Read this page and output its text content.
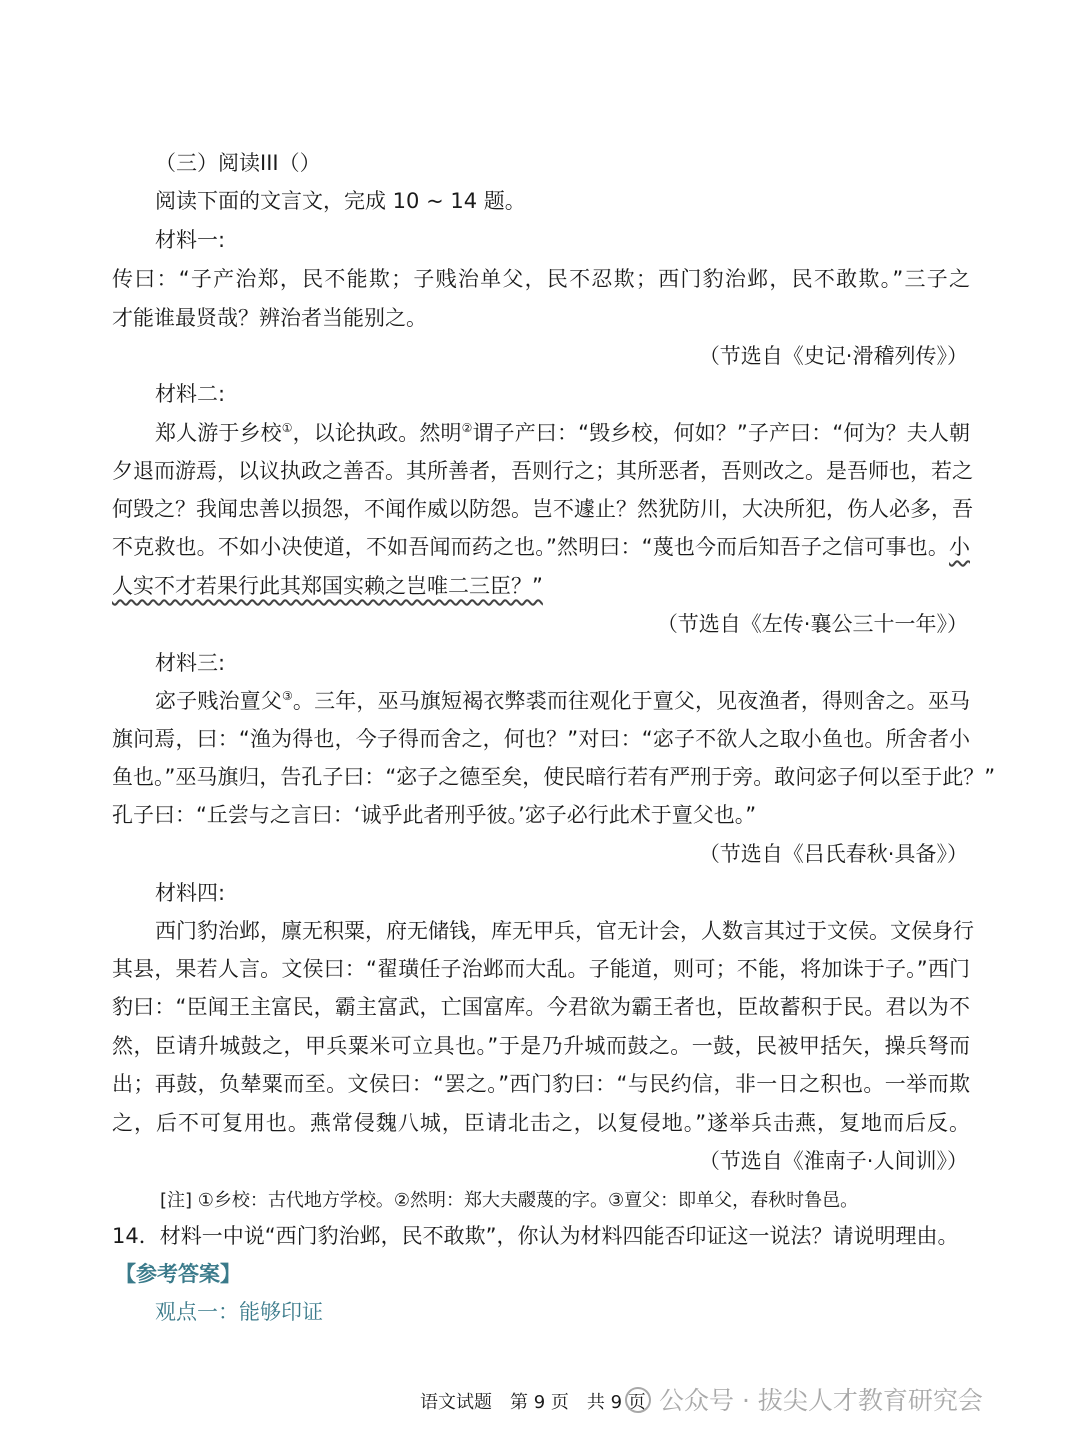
（三）阅读III（）
阅读下面的文言文，完成 10 ~ 14 题。
材料一:
传曰：“子产治郑，民不能欺；子贱治单父，民不忍欺；西门豹治邺，民不敢欺。”三子之
才能谁最贤哉？辨治者当能别之。
（节选自《史记·滑稽列传》）
材料二:
郑人游于乡校①，以论执政。然明②谓子产曰：“毁乡校，何如？”子产曰：“何为？夫人朝
夕退而游焉，以议执政之善否。其所善者，吾则行之；其所恶者，吾则改之。是吾师也，若之
何毁之？我闻忠善以损怨，不闻作威以防怨。岂不遽止？然犹防川，大决所犯，伤人必多，吾
不克救也。不如小决使道，不如吾闻而药之也。”然明曰：“蔑也今而后知吾子之信可事也。小
人实不才若果行此其郑国实赖之岂唯二三臣？”
（节选自《左传·襄公三十一年》）
材料三:
宓子贱治亶父③。三年，巫马旗短褐衣弊裘而往观化于亶父，见夜渔者，得则舍之。巫马
旗问焉，曰：“渔为得也，今子得而舍之，何也？”对曰：“宓子不欲人之取小鱼也。所舍者小
鱼也。”巫马旗归，告孔子曰：“宓子之德至矣，使民暗行若有严刑于旁。敢问宓子何以至于此？”
孔子曰：“丘尝与之言曰：‘诚乎此者刑乎彼。’宓子必行此术于亶父也。”
（节选自《吕氏春秋·具备》）
材料四:
西门豹治邺，廪无积粟，府无储钱，库无甲兵，官无计会，人数言其过于文侯。文侯身行
其县，果若人言。文侯曰：“翟璜任子治邺而大乱。子能道，则可；不能，将加诛于子。”西门
豹曰：“臣闻王主富民，霸主富武，亡国富库。今君欲为霸王者也，臣故蓄积于民。君以为不
然，臣请升城鼓之，甲兵粟米可立具也。”于是乃升城而鼓之。一鼓，民被甲括矢，操兵弩而
出；再鼓，负辇粟而至。文侯曰：“罢之。”西门豹曰：“与民约信，非一日之积也。一举而欺
之，后不可复用也。燕常侵魏八城，臣请北击之，以复侵地。”遂举兵击燕，复地而后反。
（节选自《淮南子·人间训》）
[注] ①乡校：古代地方学校。②然明：郑大夫鬷蔑的字。③亶父：即单父，春秋时鲁邑。
14．材料一中说“西门豹治邺，民不敢欺”，你认为材料四能否印证这一说法？请说明理由。
【参考答案】
观点一：能够印证
语文试题　第 9 页　共 9 页 公众号 · 拔尖人才教育研究会
